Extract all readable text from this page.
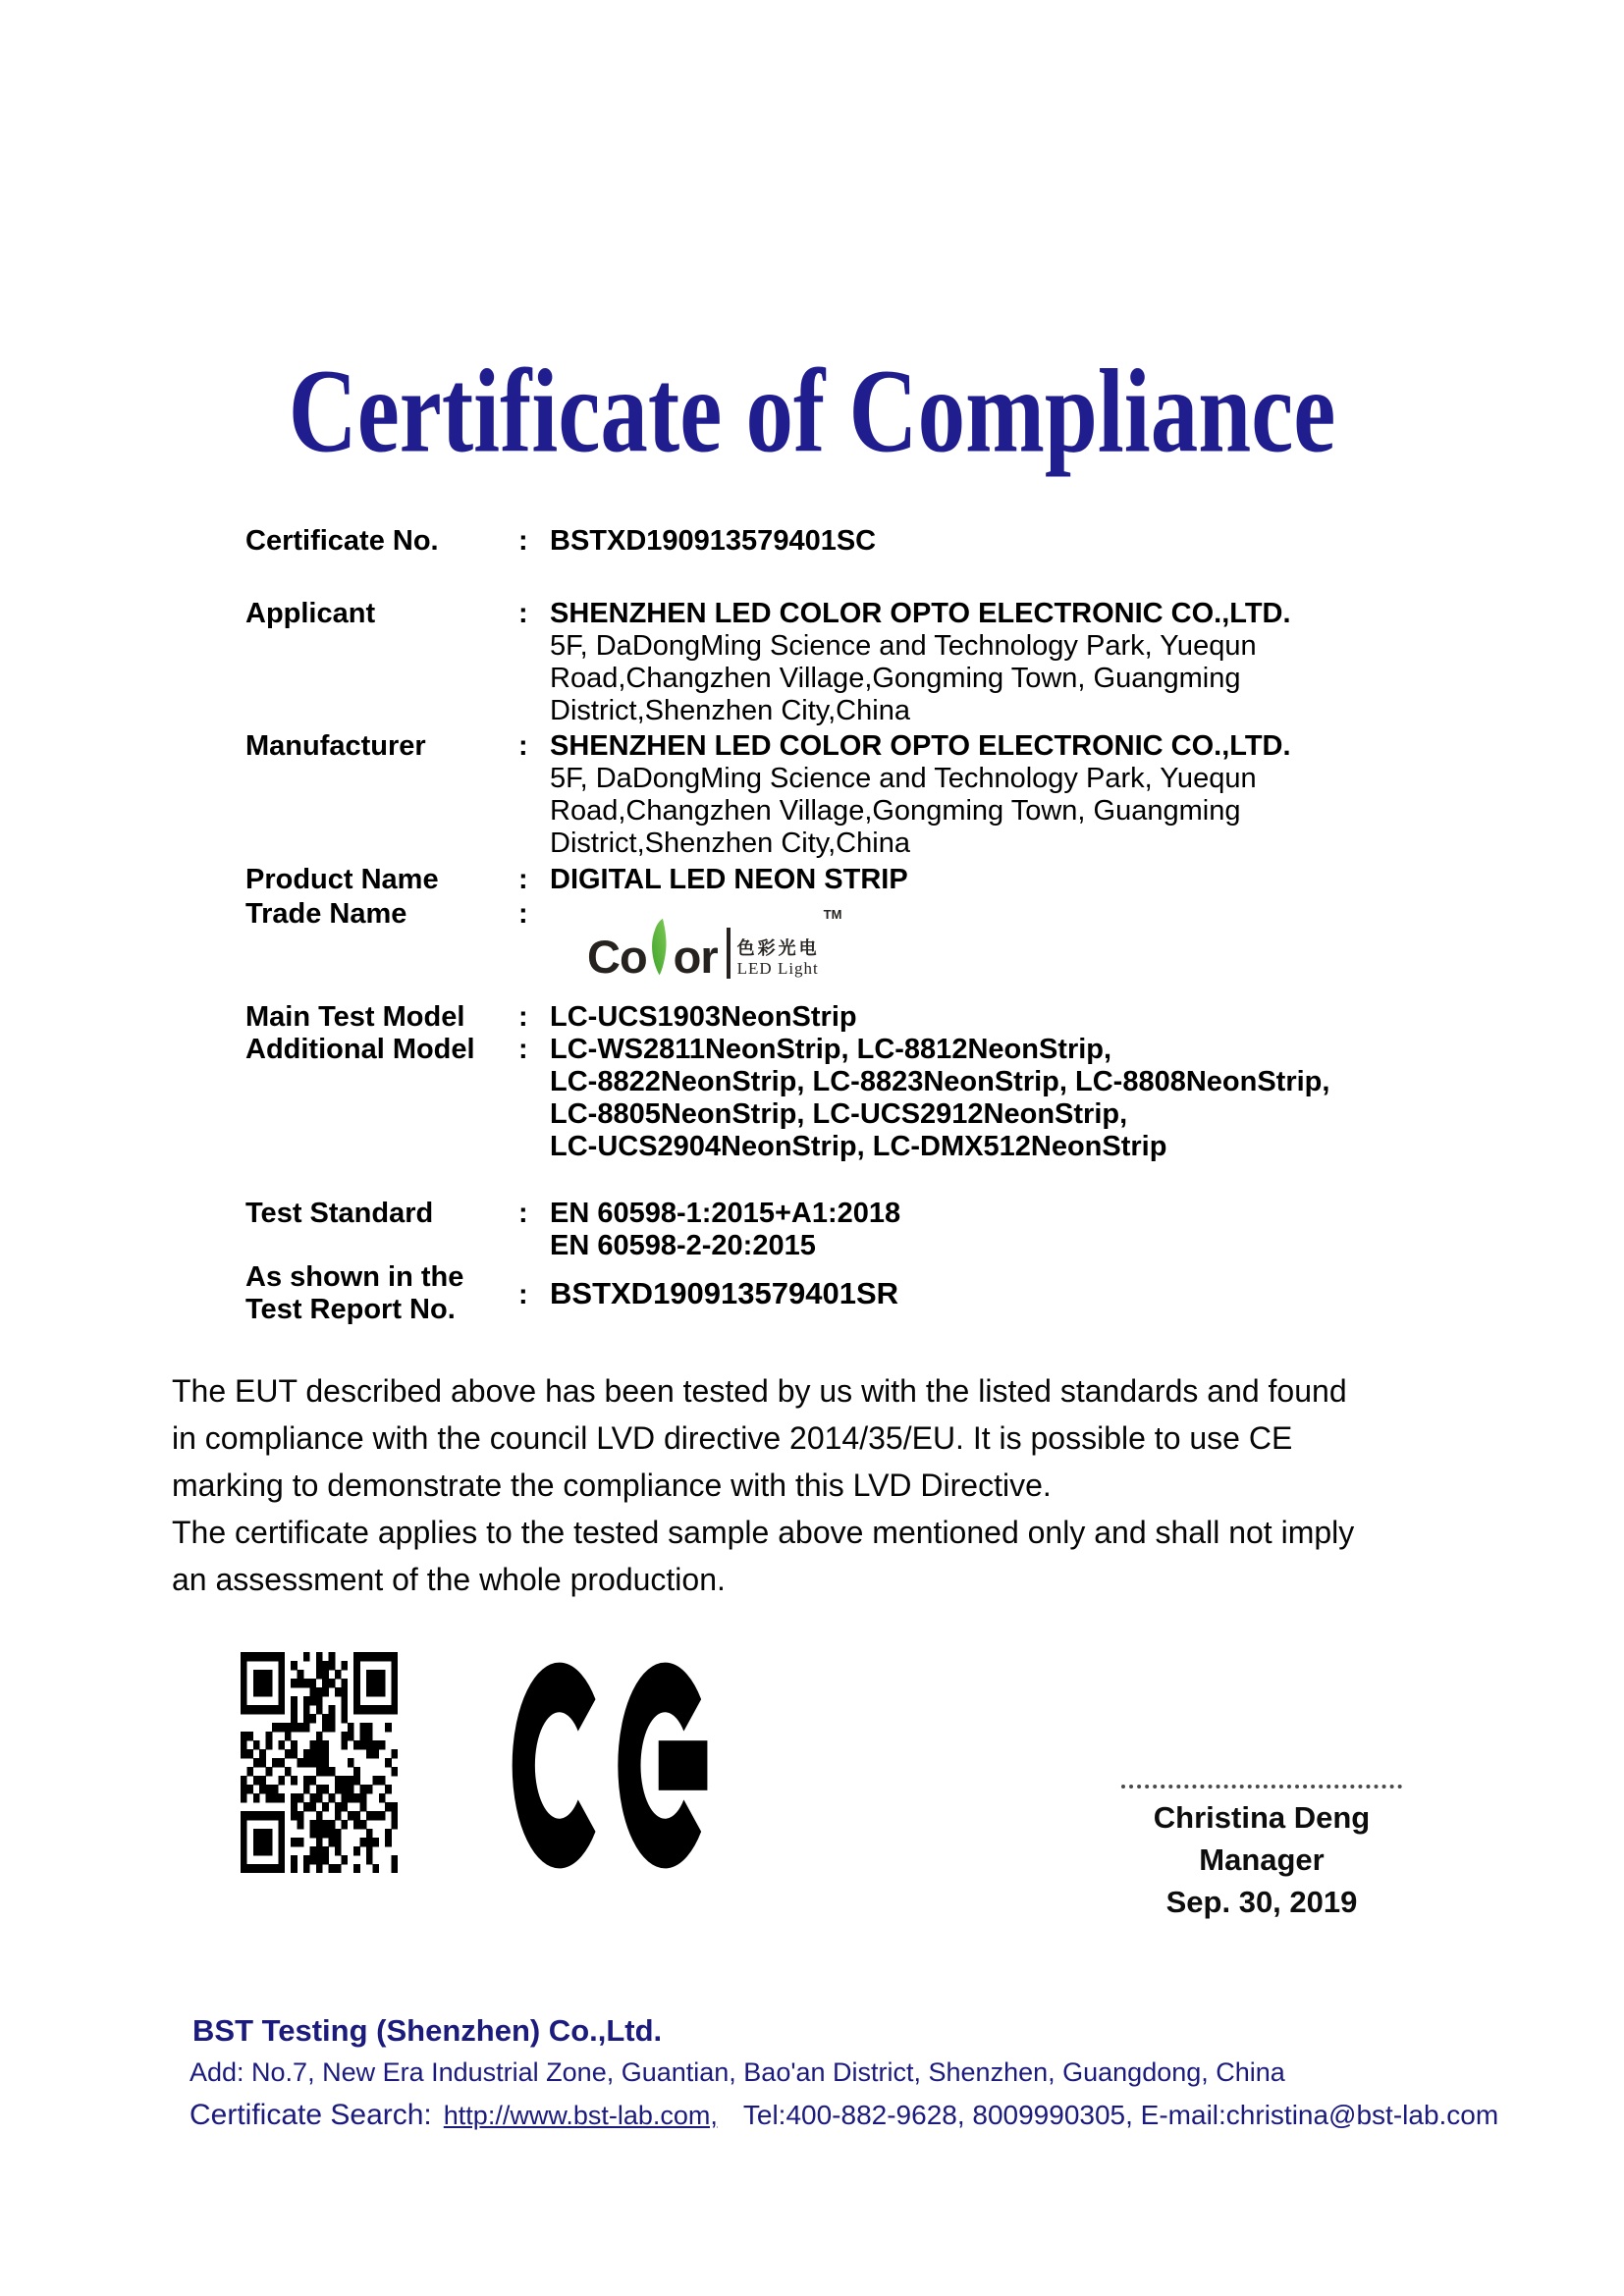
Certificate of Compliance
Certificate No.	: BSTXD190913579401SC
Applicant	: SHENZHEN LED COLOR OPTO ELECTRONIC CO.,LTD.
5F, DaDongMing Science and Technology Park, Yuequn
Road,Changzhen Village,Gongming Town, Guangming
District,Shenzhen City,China
Manufacturer	: SHENZHEN LED COLOR OPTO ELECTRONIC CO.,LTD.
5F, DaDongMing Science and Technology Park, Yuequn
Road,Changzhen Village,Gongming Town, Guangming
District,Shenzhen City,China
Product Name	: DIGITAL LED NEON STRIP
Trade Name	:
Co or 色彩光电
LED Light
TM
Main Test Model : LC-UCS1903NeonStrip
Additional Model : LC-WS2811NeonStrip, LC-8812NeonStrip,
LC-8822NeonStrip, LC-8823NeonStrip, LC-8808NeonStrip,
LC-8805NeonStrip, LC-UCS2912NeonStrip,
LC-UCS2904NeonStrip, LC-DMX512NeonStrip
Test Standard	: EN 60598-1:2015+A1:2018
EN 60598-2-20:2015
As shown in the
Test Report No. : BSTXD190913579401SR
The EUT described above has been tested by us with the listed standards and found
in compliance with the council LVD directive 2014/35/EU. It is possible to use CE
marking to demonstrate the compliance with this LVD Directive.
The certificate applies to the tested sample above mentioned only and shall not imply
an assessment of the whole production.
Christina Deng
Manager
Sep. 30, 2019
BST Testing (Shenzhen) Co.,Ltd.
Add: No.7, New Era Industrial Zone, Guantian, Bao'an District, Shenzhen, Guangdong, China
Certificate Search: http://www.bst-lab.com, Tel:400-882-9628, 8009990305, E-mail:christina@bst-lab.com
